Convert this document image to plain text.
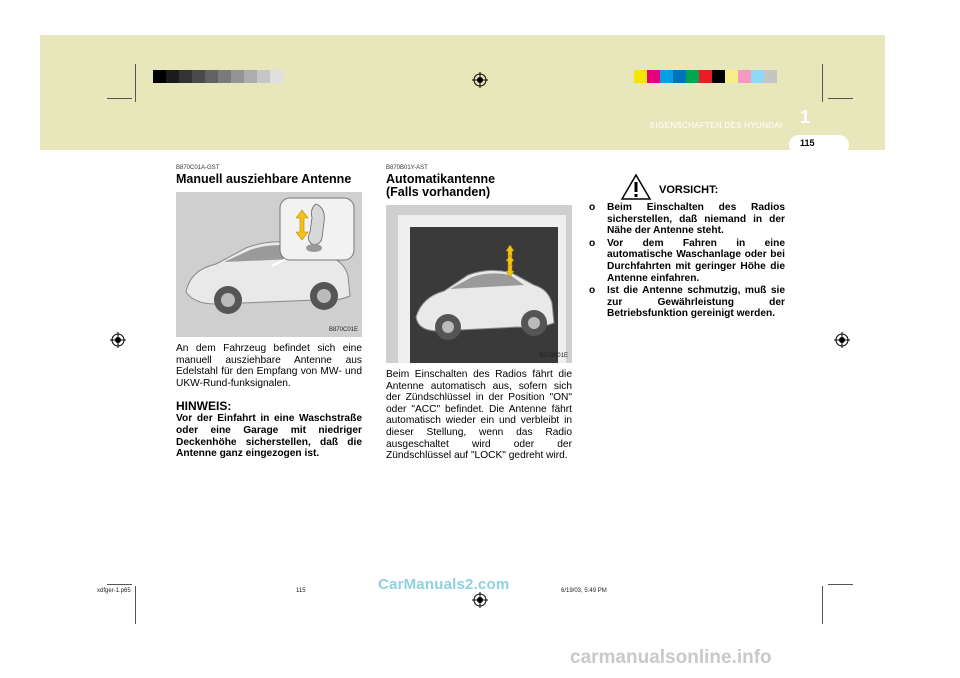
1
EIGENSCHAFTEN DES HYUNDAI
115
B870C01A-GST
Manuell ausziehbare Antenne
B870C01E
An dem Fahrzeug befindet sich eine manuell ausziehbare Antenne aus Edelstahl für den Empfang von MW- und UKW-Rund-funksignalen.
HINWEIS:
Vor der Einfahrt in eine Waschstraße oder eine Garage mit niedriger Deckenhöhe sicherstellen, daß die Antenne ganz eingezogen ist.
B870B01Y-AST
Automatikantenne
(Falls vorhanden)
B870B01E
Beim Einschalten des Radios fährt die Antenne automatisch aus, sofern sich der Zündschlüssel in der Position "ON" oder "ACC" befindet. Die Antenne fährt automatisch wieder ein und verbleibt in dieser Stellung, wenn das Radio ausgeschaltet wird oder der Zündschlüssel auf "LOCK" gedreht wird.
VORSICHT:
o Beim Einschalten des Radios sicherstellen, daß niemand in der Nähe der Antenne steht.
o Vor dem Fahren in eine automatische Waschanlage oder bei Durchfahrten mit geringer Höhe die Antenne einfahren.
o Ist die Antenne schmutzig, muß sie zur Gewährleistung der Betriebsfunktion gereinigt werden.
xdfger-1.p65	115	6/19/03, 5:49 PM
CarManuals2.com
carmanualsonline.info
